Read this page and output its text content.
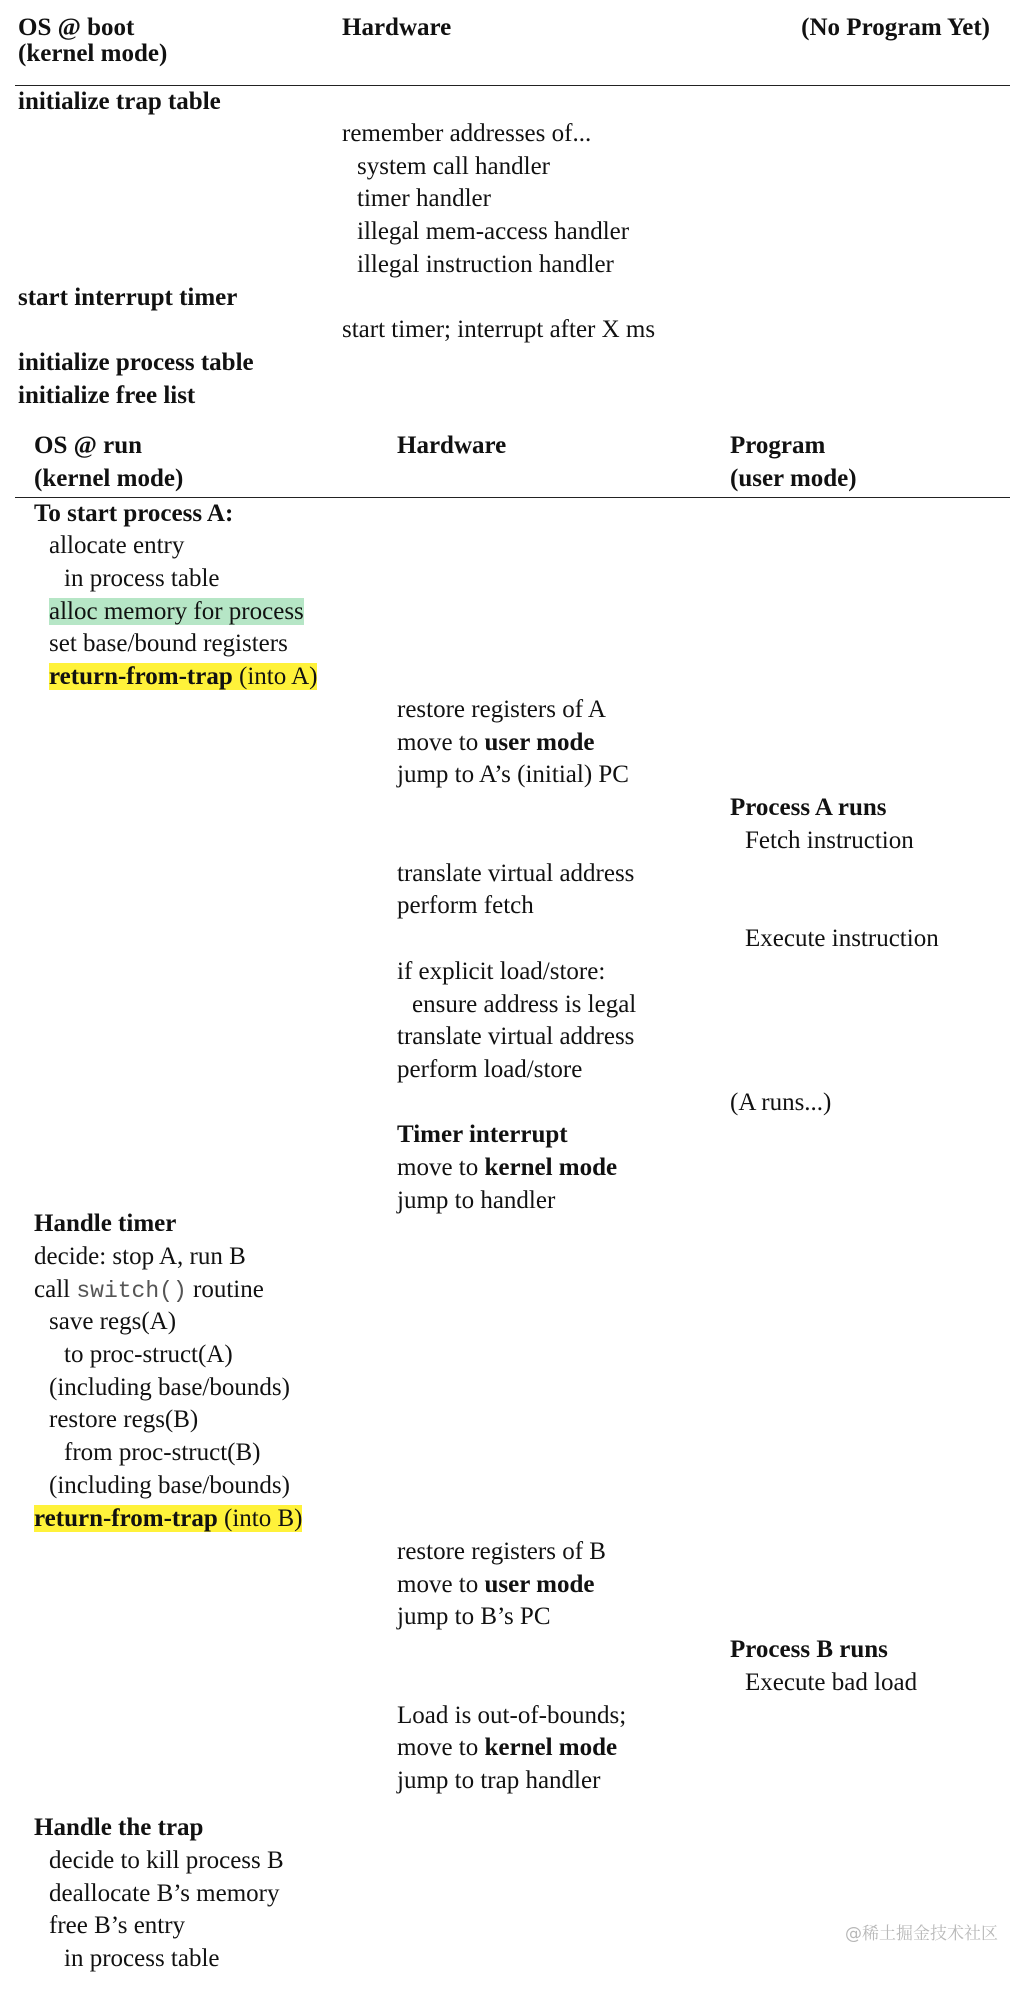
OS @ boot
(kernel mode)
Hardware	(No Program Yet)
initialize trap table
remember addresses of...
system call handler
timer handler
illegal mem-access handler
illegal instruction handler
start interrupt timer
start timer; interrupt after X ms
initialize process table
initialize free list
OS @ run
(kernel mode)
Hardware	Program
(user mode)
To start process A:
allocate entry
in process table
alloc memory for process
set base/bound registers
return-from-trap (into A)
Handle timer
decide: stop A, run B
call switch() routine
save regs(A)
to proc-struct(A)
(including base/bounds)
restore regs(B)
from proc-struct(B)
(including base/bounds)
return-from-trap (into B)
Handle the trap
decide to kill process B
deallocate B’s memory
free B’s entry
in process table
restore registers of A
move to user mode
jump to A’s (initial) PC
translate virtual address
perform fetch
if explicit load/store:
ensure address is legal
translate virtual address
perform load/store
Timer interrupt
move to kernel mode
jump to handler
restore registers of B
move to user mode
jump to B’s PC
Load is out-of-bounds;
move to kernel mode
jump to trap handler
Process A runs
Fetch instruction
Execute instruction
(A runs...)
Process B runs
Execute bad load
@稀土掘金技术社区
